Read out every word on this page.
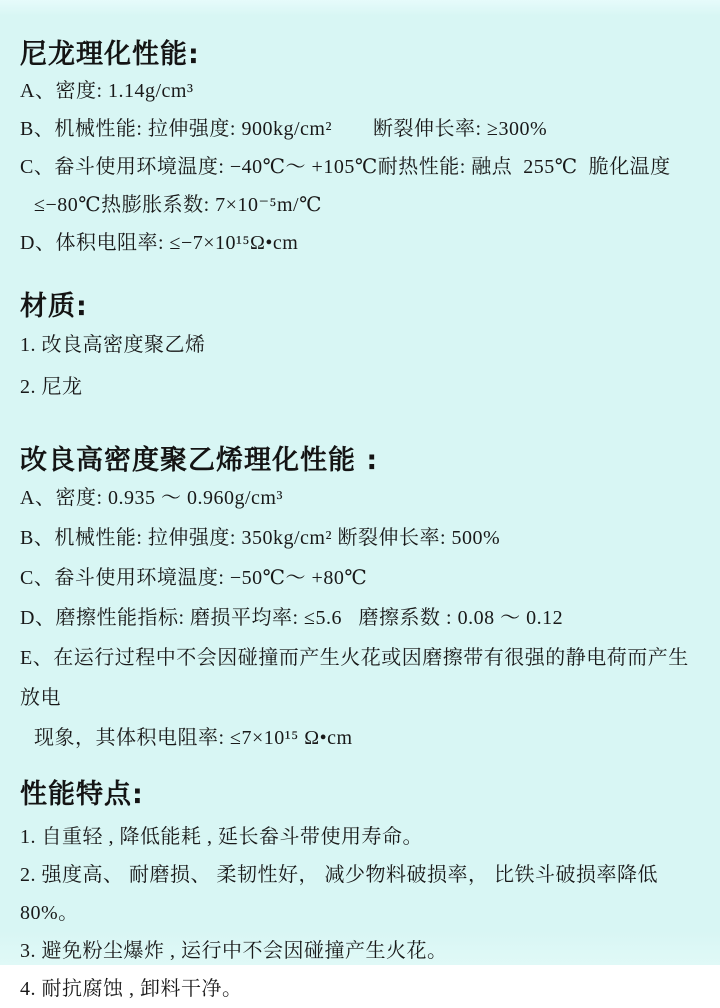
尼龙理化性能:

A、密度: 1.14g/cm³

B、机械性能: 拉伸强度: 900kg/cm²　　断裂伸长率: ≥300%

C、畚斗使用环境温度: −40℃～ +105℃耐热性能: 融点  255℃  脆化温度

≤−80℃热膨胀系数: 7×10⁻⁵m/℃

D、体积电阻率: ≤−7×10¹⁵Ω•cm

材质:

1. 改良高密度聚乙烯

2. 尼龙

改良高密度聚乙烯理化性能 :

A、密度: 0.935 ～ 0.960g/cm³

B、机械性能: 拉伸强度: 350kg/cm² 断裂伸长率: 500%

C、畚斗使用环境温度: −50℃～ +80℃

D、磨擦性能指标: 磨损平均率: ≤5.6   磨擦系数 : 0.08 ～ 0.12

E、在运行过程中不会因碰撞而产生火花或因磨擦带有很强的静电荷而产生放电

现象，其体积电阻率: ≤7×10¹⁵ Ω•cm

性能特点:

1. 自重轻 , 降低能耗 , 延长畚斗带使用寿命。

2. 强度高、 耐磨损、 柔韧性好， 减少物料破损率， 比铁斗破损率降低 80%。

3. 避免粉尘爆炸 , 运行中不会因碰撞产生火花。

4. 耐抗腐蚀 , 卸料干净。
